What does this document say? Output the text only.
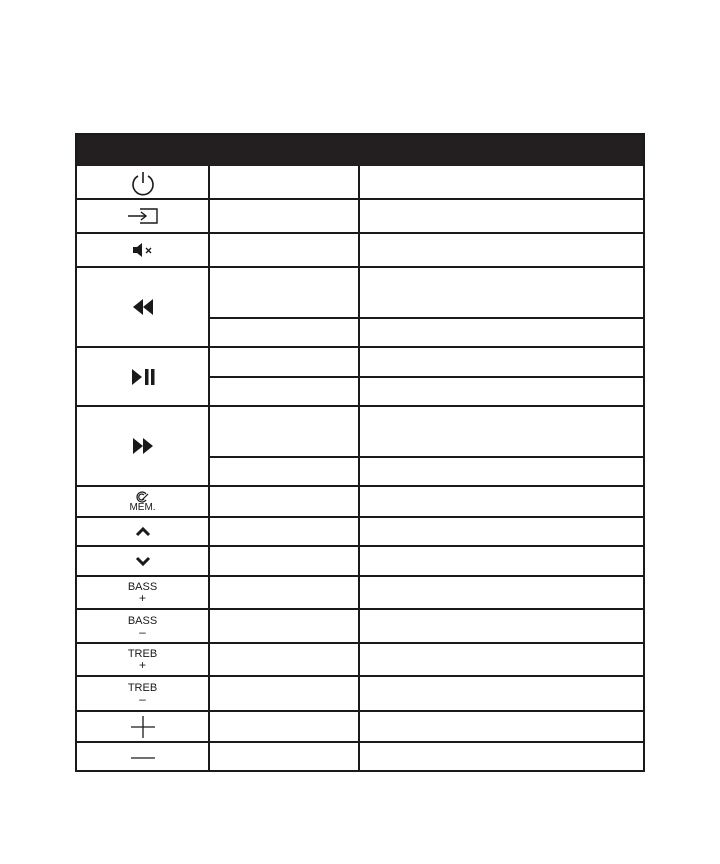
MEM.
BASS
+
BASS
–
TREB
+
TREB
–
